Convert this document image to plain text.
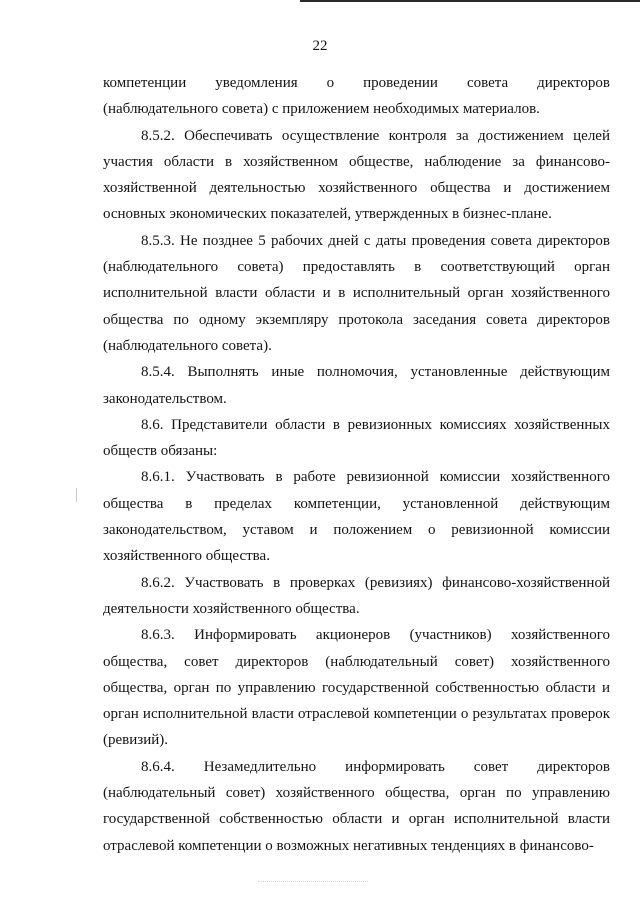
22

компетенции уведомления о проведении совета директоров

(наблюдательного совета) с приложением необходимых материалов.

8.5.2. Обеспечивать осуществление контроля за достижением целей участия области в хозяйственном обществе, наблюдение за финансово-хозяйственной деятельностью хозяйственного общества и достижением основных экономических показателей, утвержденных в бизнес-плане.

8.5.3. Не позднее 5 рабочих дней с даты проведения совета директоров (наблюдательного совета) предоставлять в соответствующий орган исполнительной власти области и в исполнительный орган хозяйственного общества по одному экземпляру протокола заседания совета директоров (наблюдательного совета).

8.5.4. Выполнять иные полномочия, установленные действующим законодательством.

8.6. Представители области в ревизионных комиссиях хозяйственных обществ обязаны:

8.6.1. Участвовать в работе ревизионной комиссии хозяйственного общества в пределах компетенции, установленной действующим законодательством, уставом и положением о ревизионной комиссии хозяйственного общества.

8.6.2. Участвовать в проверках (ревизиях) финансово-хозяйственной деятельности хозяйственного общества.

8.6.3. Информировать акционеров (участников) хозяйственного общества, совет директоров (наблюдательный совет) хозяйственного общества, орган по управлению государственной собственностью области и орган исполнительной власти отраслевой компетенции о результатах проверок (ревизий).

8.6.4. Незамедлительно информировать совет директоров (наблюдательный совет) хозяйственного общества, орган по управлению государственной собственностью области и орган исполнительной власти отраслевой компетенции о возможных негативных тенденциях в финансово-
